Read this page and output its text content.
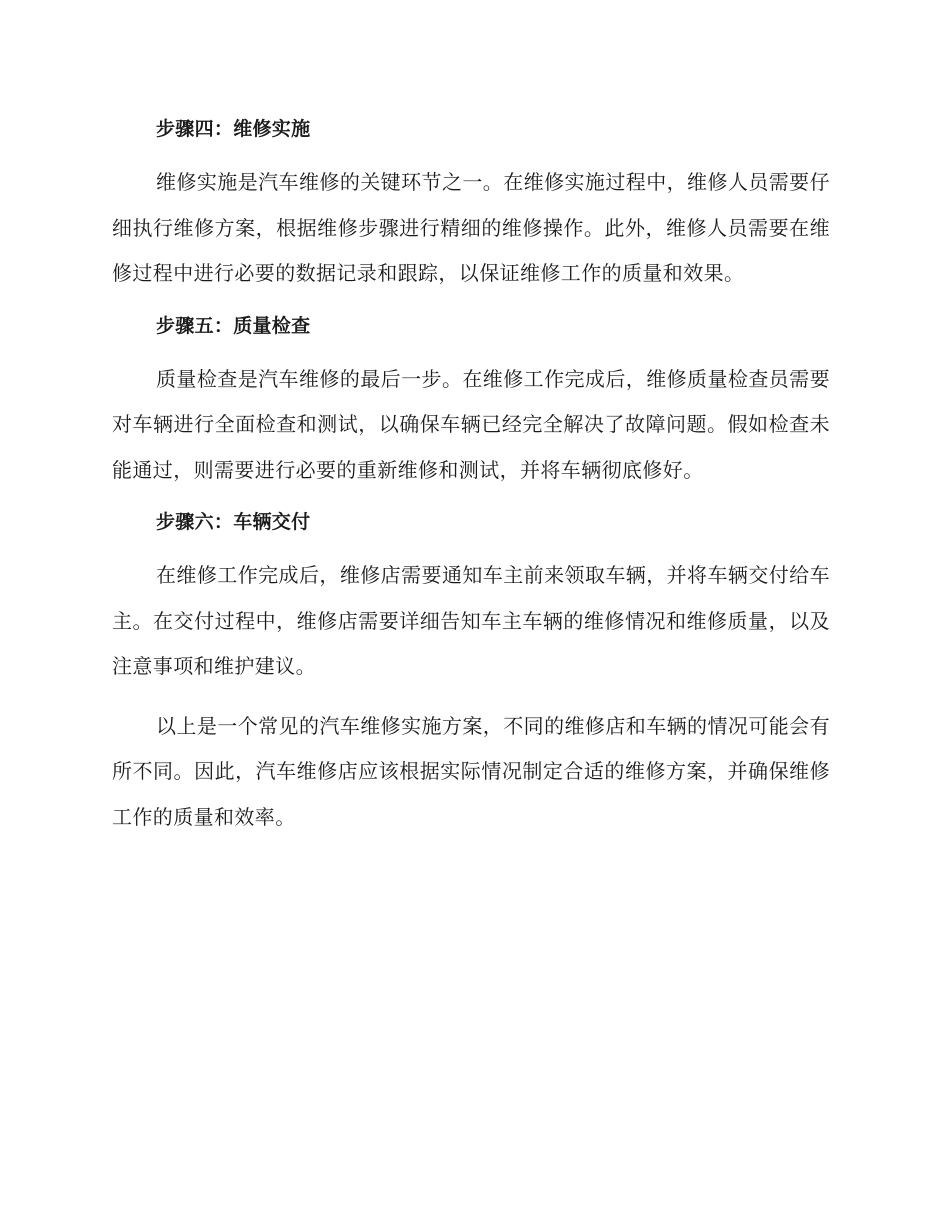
步骤四：维修实施

维修实施是汽车维修的关键环节之一。在维修实施过程中，维修人员需要仔细执行维修方案，根据维修步骤进行精细的维修操作。此外，维修人员需要在维修过程中进行必要的数据记录和跟踪，以保证维修工作的质量和效果。

步骤五：质量检查

质量检查是汽车维修的最后一步。在维修工作完成后，维修质量检查员需要对车辆进行全面检查和测试，以确保车辆已经完全解决了故障问题。假如检查未能通过，则需要进行必要的重新维修和测试，并将车辆彻底修好。

步骤六：车辆交付

在维修工作完成后，维修店需要通知车主前来领取车辆，并将车辆交付给车主。在交付过程中，维修店需要详细告知车主车辆的维修情况和维修质量，以及注意事项和维护建议。

以上是一个常见的汽车维修实施方案，不同的维修店和车辆的情况可能会有所不同。因此，汽车维修店应该根据实际情况制定合适的维修方案，并确保维修工作的质量和效率。
